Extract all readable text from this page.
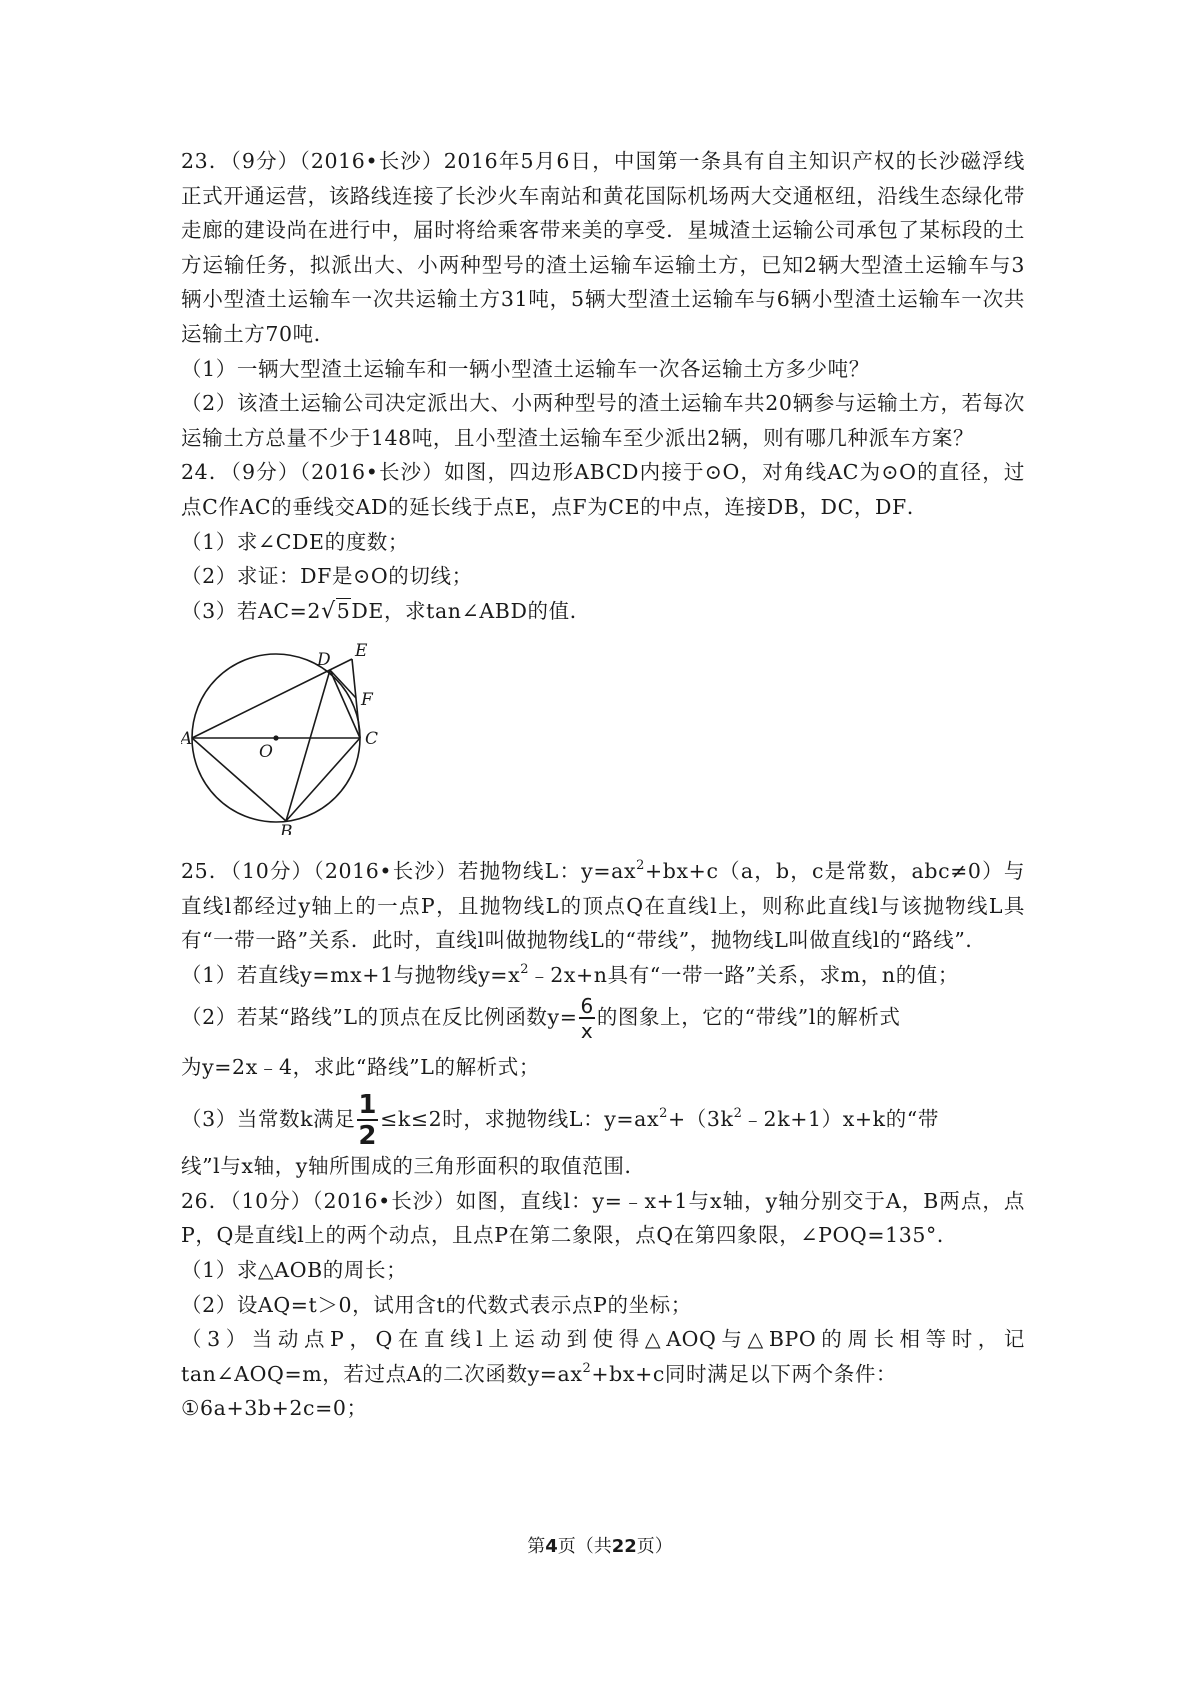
23．（9分）（2016•长沙）2016年5月6日，中国第一条具有自主知识产权的长沙磁浮线正式开通运营，该路线连接了长沙火车南站和黄花国际机场两大交通枢纽，沿线生态绿化带走廊的建设尚在进行中，届时将给乘客带来美的享受．星城渣土运输公司承包了某标段的土方运输任务，拟派出大、小两种型号的渣土运输车运输土方，已知2辆大型渣土运输车与3辆小型渣土运输车一次共运输土方31吨，5辆大型渣土运输车与6辆小型渣土运输车一次共运输土方70吨．

（1）一辆大型渣土运输车和一辆小型渣土运输车一次各运输土方多少吨？

（2）该渣土运输公司决定派出大、小两种型号的渣土运输车共20辆参与运输土方，若每次运输土方总量不少于148吨，且小型渣土运输车至少派出2辆，则有哪几种派车方案？

24．（9分）（2016•长沙）如图，四边形ABCD内接于⊙O，对角线AC为⊙O的直径，过点C作AC的垂线交AD的延长线于点E，点F为CE的中点，连接DB，DC，DF．

（1）求∠CDE的度数；

（2）求证：DF是⊙O的切线；

（3）若AC=2√5DE，求tan∠ABD的值．

A
B
C
D E
F
O

25．（10分）（2016•长沙）若抛物线L：$y=ax^2+bx+c(a$，b，c是常数，abc≠0）与直线l都经过y轴上的一点P，且抛物线L的顶点Q在直线l上，则称此直线l与该抛物线L具有“一带一路”关系．此时，直线l叫做抛物线L的“带线”，抛物线L叫做直线l的“路线”．

（1）若直线y=mx+1与抛物线$y=x^2﹣2x+n$具有“一带一路”关系，求m，n的值；

（2）若某“路线”L的顶点在反比例函数$y= \frac{6}{x}$ 的图象上，它的“带线”l的解析式

为y=2x﹣4，求此“路线”L的解析式；

（3）当常数k满足 $\frac{1}{2} \le k\le 2$时，求抛物线L：$y=ax^2+(3k^2﹣2k+1)x+k$的“带

线”l与x轴，y轴所围成的三角形面积的取值范围．

26．（10分）（2016•长沙）如图，直线l：y=﹣x+1与x轴，y轴分别交于A，B两点，点P，Q是直线l上的两个动点，且点P在第二象限，点Q在第四象限，∠POQ=135°．

（1）求△AOB的周长；

（2）设AQ=t＞0，试用含t的代数式表示点P的坐标；

（3）当动点P，Q在直线l上运动到使得△AOQ与△BPO的周长相等时，记tan∠AOQ=m，若过点A的二次函数$y=ax^2+bx+c$同时满足以下两个条件：

①6a+3b+2c=0；

第4页（共22页）
